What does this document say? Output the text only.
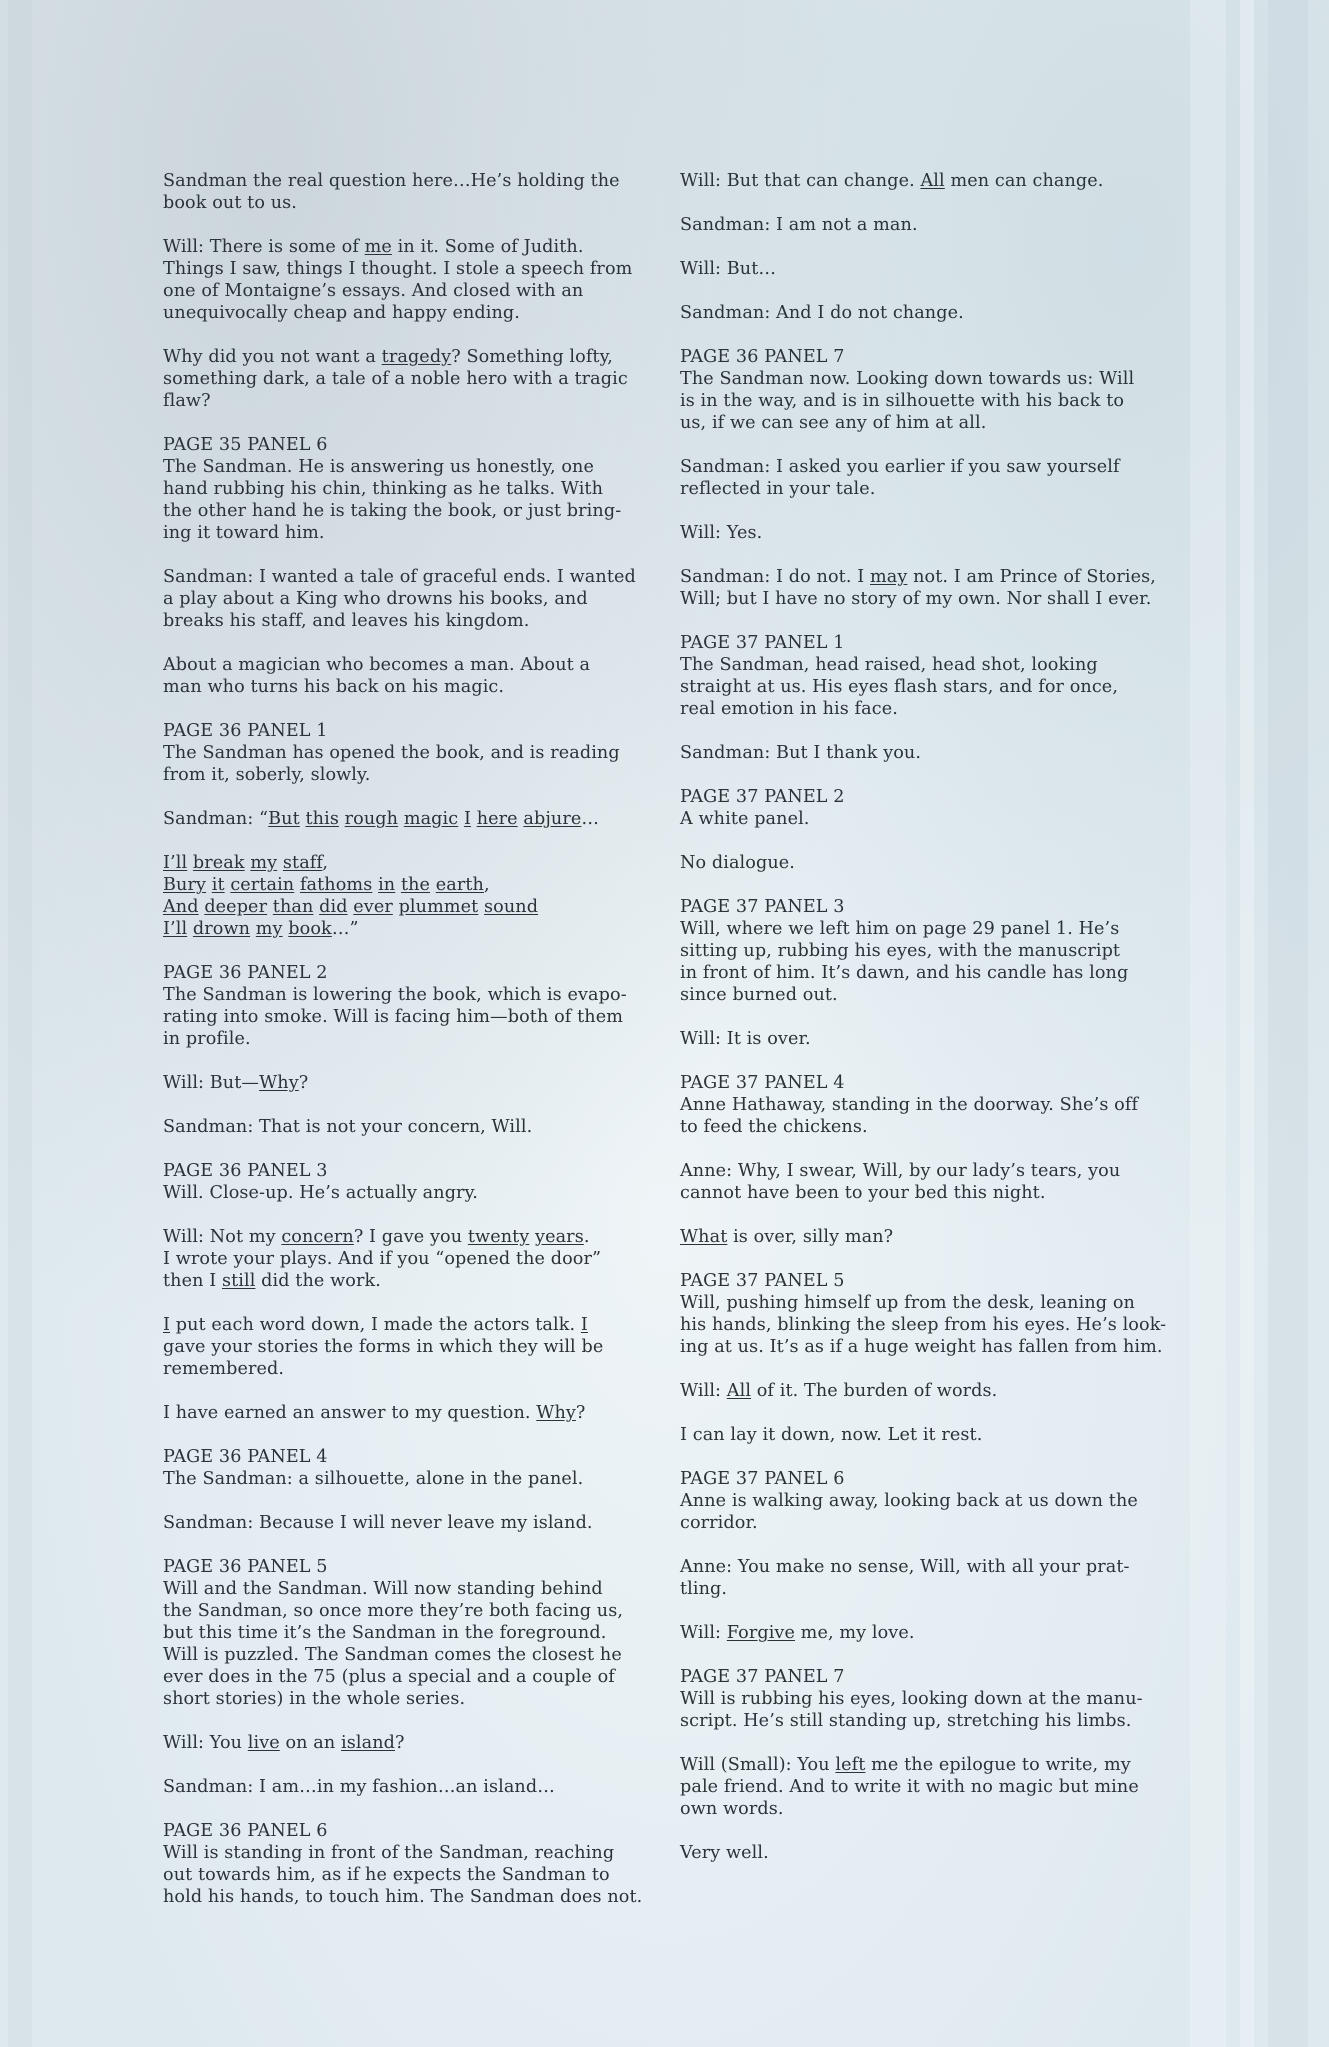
Sandman the real question here…He’s holding the
book out to us.

Will: There is some of me in it. Some of Judith.
Things I saw, things I thought. I stole a speech from
one of Montaigne’s essays. And closed with an
unequivocally cheap and happy ending.

Why did you not want a tragedy? Something lofty,
something dark, a tale of a noble hero with a tragic
flaw?

PAGE 35 PANEL 6
The Sandman. He is answering us honestly, one
hand rubbing his chin, thinking as he talks. With
the other hand he is taking the book, or just bring-
ing it toward him.

Sandman: I wanted a tale of graceful ends. I wanted
a play about a King who drowns his books, and
breaks his staff, and leaves his kingdom.

About a magician who becomes a man. About a
man who turns his back on his magic.

PAGE 36 PANEL 1
The Sandman has opened the book, and is reading
from it, soberly, slowly.

Sandman: “But this rough magic I here abjure…

I’ll break my staff,
Bury it certain fathoms in the earth,
And deeper than did ever plummet sound
I’ll drown my book…”

PAGE 36 PANEL 2
The Sandman is lowering the book, which is evapo-
rating into smoke. Will is facing him—both of them
in profile.

Will: But—Why?

Sandman: That is not your concern, Will.

PAGE 36 PANEL 3
Will. Close-up. He’s actually angry.

Will: Not my concern? I gave you twenty years.
I wrote your plays. And if you “opened the door”
then I still did the work.

I put each word down, I made the actors talk. I
gave your stories the forms in which they will be
remembered.

I have earned an answer to my question. Why?

PAGE 36 PANEL 4
The Sandman: a silhouette, alone in the panel.

Sandman: Because I will never leave my island.

PAGE 36 PANEL 5
Will and the Sandman. Will now standing behind
the Sandman, so once more they’re both facing us,
but this time it’s the Sandman in the foreground.
Will is puzzled. The Sandman comes the closest he
ever does in the 75 (plus a special and a couple of
short stories) in the whole series.

Will: You live on an island?

Sandman: I am…in my fashion…an island…

PAGE 36 PANEL 6
Will is standing in front of the Sandman, reaching
out towards him, as if he expects the Sandman to
hold his hands, to touch him. The Sandman does not.

Will: But that can change. All men can change.

Sandman: I am not a man.

Will: But…

Sandman: And I do not change.

PAGE 36 PANEL 7
The Sandman now. Looking down towards us: Will
is in the way, and is in silhouette with his back to
us, if we can see any of him at all.

Sandman: I asked you earlier if you saw yourself
reflected in your tale.

Will: Yes.

Sandman: I do not. I may not. I am Prince of Stories,
Will; but I have no story of my own. Nor shall I ever.

PAGE 37 PANEL 1
The Sandman, head raised, head shot, looking
straight at us. His eyes flash stars, and for once,
real emotion in his face.

Sandman: But I thank you.

PAGE 37 PANEL 2
A white panel.

No dialogue.

PAGE 37 PANEL 3
Will, where we left him on page 29 panel 1. He’s
sitting up, rubbing his eyes, with the manuscript
in front of him. It’s dawn, and his candle has long
since burned out.

Will: It is over.

PAGE 37 PANEL 4
Anne Hathaway, standing in the doorway. She’s off
to feed the chickens.

Anne: Why, I swear, Will, by our lady’s tears, you
cannot have been to your bed this night.

What is over, silly man?

PAGE 37 PANEL 5
Will, pushing himself up from the desk, leaning on
his hands, blinking the sleep from his eyes. He’s look-
ing at us. It’s as if a huge weight has fallen from him.

Will: All of it. The burden of words.

I can lay it down, now. Let it rest.

PAGE 37 PANEL 6
Anne is walking away, looking back at us down the
corridor.

Anne: You make no sense, Will, with all your prat-
tling.

Will: Forgive me, my love.

PAGE 37 PANEL 7
Will is rubbing his eyes, looking down at the manu-
script. He’s still standing up, stretching his limbs.

Will (Small): You left me the epilogue to write, my
pale friend. And to write it with no magic but mine
own words.

Very well.
